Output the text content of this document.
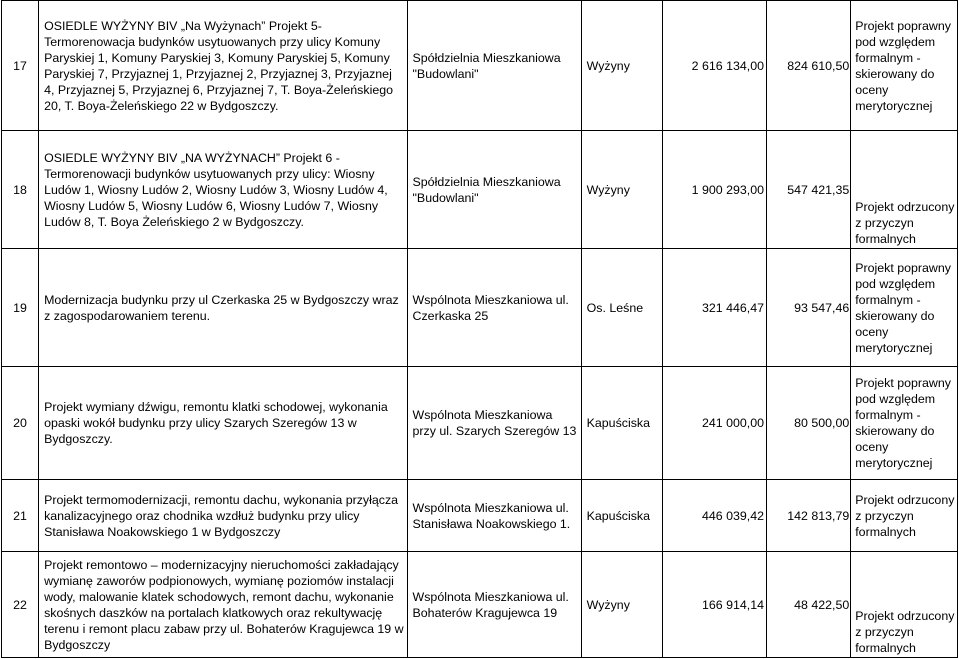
17	OSIEDLE WYŻYNY BIV „Na Wyżynach” Projekt 5- Termorenowacja budynków usytuowanych przy ulicy Komuny Paryskiej 1, Komuny Paryskiej 3, Komuny Paryskiej 5, Komuny Paryskiej 7, Przyjaznej 1, Przyjaznej 2, Przyjaznej 3, Przyjaznej 4, Przyjaznej 5, Przyjaznej 6, Przyjaznej 7, T. Boya-Żeleńskiego 20, T. Boya-Żeleńskiego 22 w Bydgoszczy.	Spółdzielnia Mieszkaniowa "Budowlani"	Wyżyny	2 616 134,00	824 610,50	Projekt poprawny pod względem formalnym - skierowany do oceny merytorycznej
18	OSIEDLE WYŻYNY BIV „NA WYŻYNACH” Projekt 6 - Termorenowacji budynków usytuowanych przy ulicy: Wiosny Ludów 1, Wiosny Ludów 2, Wiosny Ludów 3, Wiosny Ludów 4, Wiosny Ludów 5, Wiosny Ludów 6, Wiosny Ludów 7, Wiosny Ludów 8, T. Boya Żeleńskiego 2 w Bydgoszczy.	Spółdzielnia Mieszkaniowa "Budowlani"	Wyżyny	1 900 293,00	547 421,35	Projekt odrzucony z przyczyn formalnych
19	Modernizacja budynku przy ul Czerkaska 25 w Bydgoszczy wraz z zagospodarowaniem terenu.	Wspólnota Mieszkaniowa ul. Czerkaska 25	Os. Leśne	321 446,47	93 547,46	Projekt poprawny pod względem formalnym - skierowany do oceny merytorycznej
20	Projekt wymiany dźwigu, remontu klatki schodowej, wykonania opaski wokół budynku przy ulicy Szarych Szeregów 13 w Bydgoszczy.	Wspólnota Mieszkaniowa przy ul. Szarych Szeregów 13	Kapuściska	241 000,00	80 500,00	Projekt poprawny pod względem formalnym - skierowany do oceny merytorycznej
21	Projekt termomodernizacji, remontu dachu, wykonania przyłącza kanalizacyjnego oraz chodnika wzdłuż budynku przy ulicy Stanisława Noakowskiego 1 w Bydgoszczy	Wspólnota Mieszkaniowa ul. Stanisława Noakowskiego 1.	Kapuściska	446 039,42	142 813,79	Projekt odrzucony z przyczyn formalnych
22	Projekt remontowo – modernizacyjny nieruchomości zakładający wymianę zaworów podpionowych, wymianę poziomów instalacji wody, malowanie klatek schodowych, remont dachu, wykonanie skośnych daszków na portalach klatkowych oraz rekultywację terenu i remont placu zabaw przy ul. Bohaterów Kragujewca 19 w Bydgoszczy	Wspólnota Mieszkaniowa ul. Bohaterów Kragujewca 19	Wyżyny	166 914,14	48 422,50	Projekt odrzucony z przyczyn formalnych
